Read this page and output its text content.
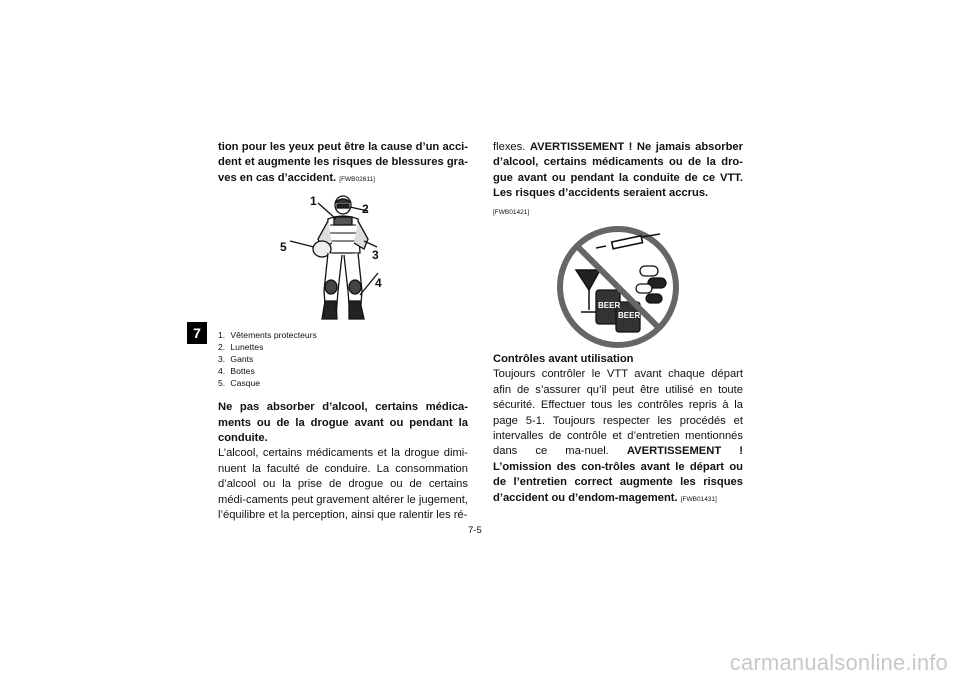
7
tion pour les yeux peut être la cause d’un acci-dent et augmente les risques de blessures gra-ves en cas d’accident. [FWB02611]
1
2
3
4
5
1.
Vêtements protecteurs
2.
Lunettes
3.
Gants
4.
Bottes
5.
Casque
Ne pas absorber d’alcool, certains médica-ments ou de la drogue avant ou pendant la conduite.
L’alcool, certains médicaments et la drogue dimi-nuent la faculté de conduire. La consommation d’alcool ou la prise de drogue ou de certains médi-caments peut gravement altérer le jugement, l’équilibre et la perception, ainsi que ralentir les ré-
flexes. AVERTISSEMENT ! Ne jamais absorber d’alcool, certains médicaments ou de la dro-gue avant ou pendant la conduite de ce VTT. Les risques d’accidents seraient accrus.
[FWB01421]
BEER
BEER
Contrôles avant utilisation
Toujours contrôler le VTT avant chaque départ afin de s’assurer qu’il peut être utilisé en toute sécurité. Effectuer tous les contrôles repris à la page 5-1. Toujours respecter les procédés et intervalles de contrôle et d’entretien mentionnés dans ce ma-nuel. AVERTISSEMENT ! L’omission des con-trôles avant le départ ou de l’entretien correct augmente les risques d’accident ou d’endom-magement. [FWB01431]
7-5
carmanualsonline.info
